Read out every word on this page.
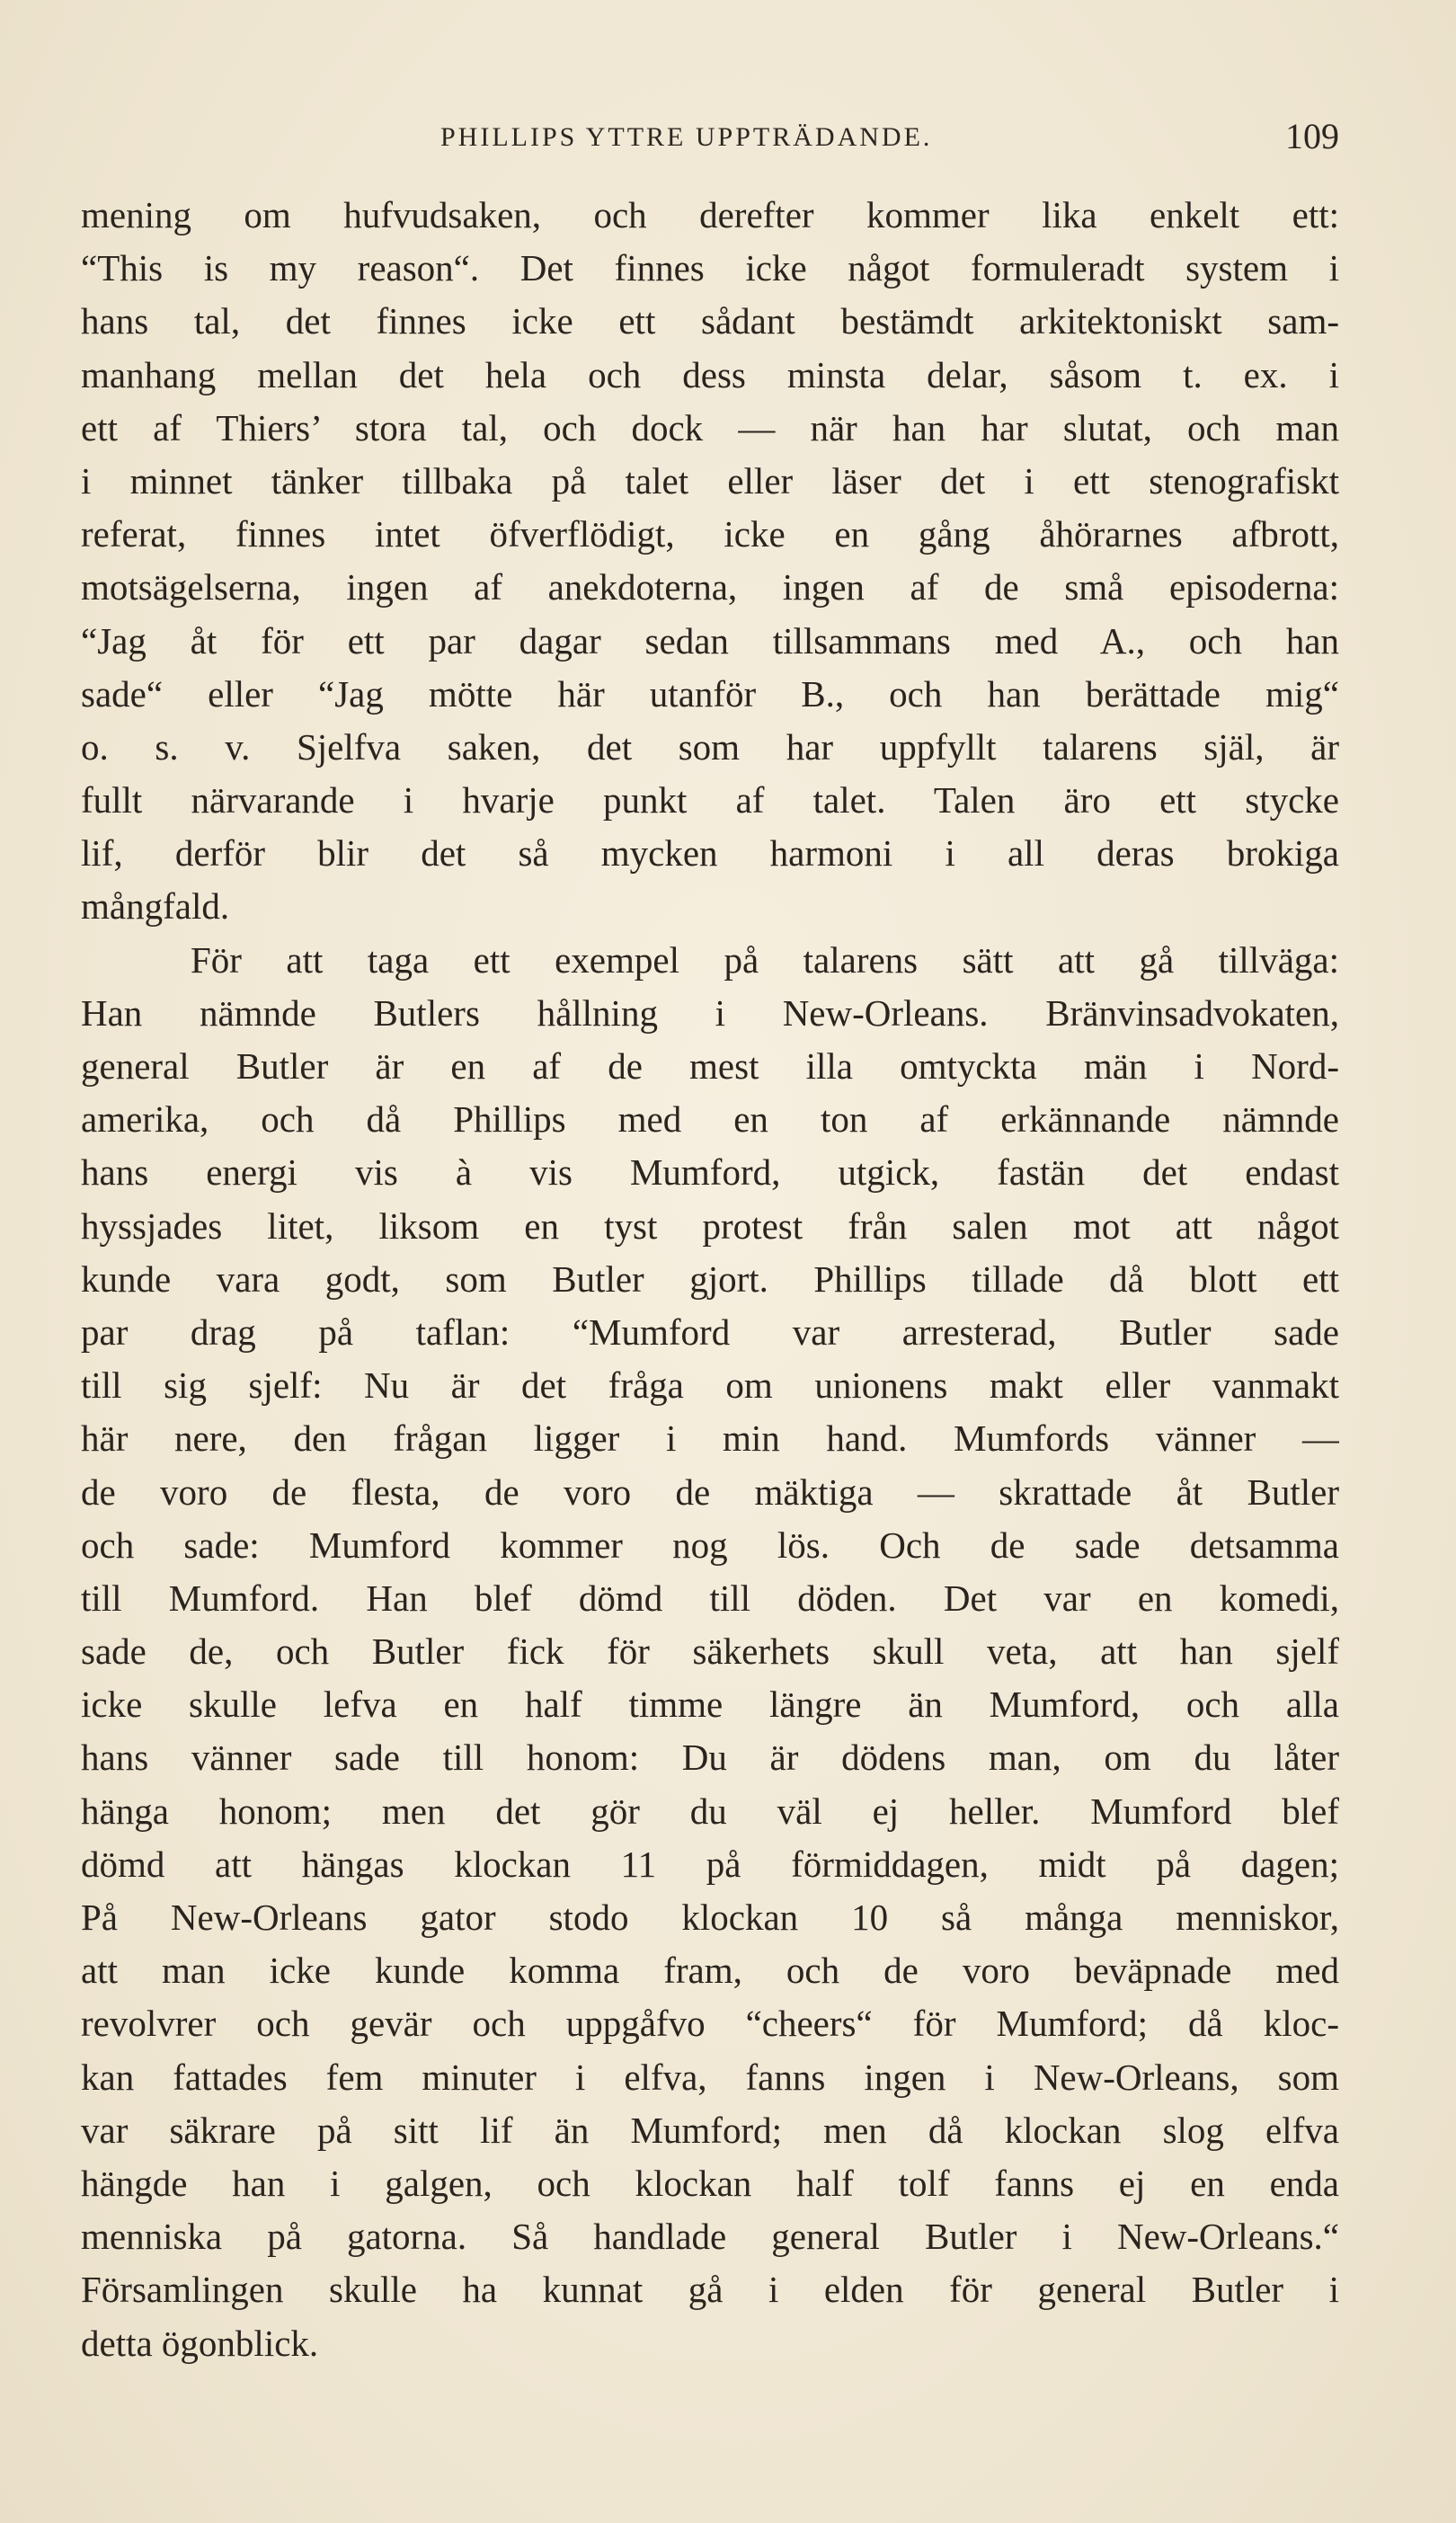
PHILLIPS YTTRE UPPTRÄDANDE.	109
mening om hufvudsaken, och derefter kommer lika enkelt ett:
“This is my reason“. Det finnes icke något formuleradt system i
hans tal, det finnes icke ett sådant bestämdt arkitektoniskt sam-
manhang mellan det hela och dess minsta delar, såsom t. ex. i
ett af Thiers’ stora tal, och dock — när han har slutat, och man
i minnet tänker tillbaka på talet eller läser det i ett stenografiskt
referat, finnes intet öfverflödigt, icke en gång åhörarnes afbrott,
motsägelserna, ingen af anekdoterna, ingen af de små episoderna:
“Jag åt för ett par dagar sedan tillsammans med A., och han
sade“ eller “Jag mötte här utanför B., och han berättade mig“
o. s. v. Sjelfva saken, det som har uppfyllt talarens själ, är
fullt närvarande i hvarje punkt af talet. Talen äro ett stycke
lif, derför blir det så mycken harmoni i all deras brokiga
mångfald.
För att taga ett exempel på talarens sätt att gå tillväga:
Han nämnde Butlers hållning i New-Orleans. Bränvinsadvokaten,
general Butler är en af de mest illa omtyckta män i Nord-
amerika, och då Phillips med en ton af erkännande nämnde
hans energi vis à vis Mumford, utgick, fastän det endast
hyssjades litet, liksom en tyst protest från salen mot att något
kunde vara godt, som Butler gjort. Phillips tillade då blott ett
par drag på taflan: “Mumford var arresterad, Butler sade
till sig sjelf: Nu är det fråga om unionens makt eller vanmakt
här nere, den frågan ligger i min hand. Mumfords vänner —
de voro de flesta, de voro de mäktiga — skrattade åt Butler
och sade: Mumford kommer nog lös. Och de sade detsamma
till Mumford. Han blef dömd till döden. Det var en komedi,
sade de, och Butler fick för säkerhets skull veta, att han sjelf
icke skulle lefva en half timme längre än Mumford, och alla
hans vänner sade till honom: Du är dödens man, om du låter
hänga honom; men det gör du väl ej heller. Mumford blef
dömd att hängas klockan 11 på förmiddagen, midt på dagen;
På New-Orleans gator stodo klockan 10 så många menniskor,
att man icke kunde komma fram, och de voro beväpnade med
revolvrer och gevär och uppgåfvo “cheers“ för Mumford; då kloc-
kan fattades fem minuter i elfva, fanns ingen i New-Orleans, som
var säkrare på sitt lif än Mumford; men då klockan slog elfva
hängde han i galgen, och klockan half tolf fanns ej en enda
menniska på gatorna. Så handlade general Butler i New-Orleans.“
Församlingen skulle ha kunnat gå i elden för general Butler i
detta ögonblick.
